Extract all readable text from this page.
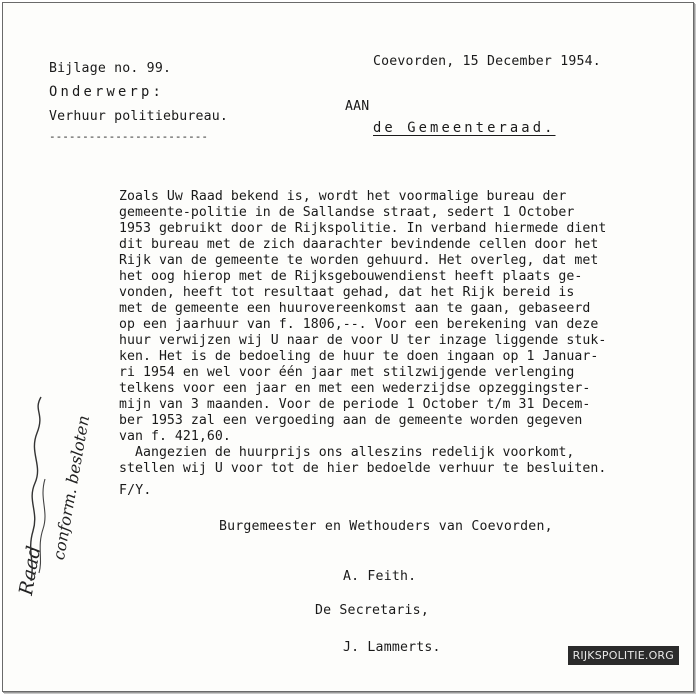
Bijlage no. 99.
Onderwerp:
Verhuur politiebureau.
------------------------
Coevorden, 15 December 1954.
AAN
de Gemeenteraad.
Zoals Uw Raad bekend is, wordt het voormalige bureau der
gemeente-politie in de Sallandse straat, sedert 1 October
1953 gebruikt door de Rijkspolitie. In verband hiermede dient
dit bureau met de zich daarachter bevindende cellen door het
Rijk van de gemeente te worden gehuurd. Het overleg, dat met
het oog hierop met de Rijksgebouwendienst heeft plaats ge-
vonden, heeft tot resultaat gehad, dat het Rijk bereid is
met de gemeente een huurovereenkomst aan te gaan, gebaseerd
op een jaarhuur van f. 1806,--. Voor een berekening van deze
huur verwijzen wij U naar de voor U ter inzage liggende stuk-
ken. Het is de bedoeling de huur te doen ingaan op 1 Januar-
ri 1954 en wel voor één jaar met stilzwijgende verlenging
telkens voor een jaar en met een wederzijdse opzeggingster-
mijn van 3 maanden. Voor de periode 1 October t/m 31 Decem-
ber 1953 zal een vergoeding aan de gemeente worden gegeven
van f. 421,60.
Aangezien de huurprijs ons alleszins redelijk voorkomt,
stellen wij U voor tot de hier bedoelde verhuur te besluiten.
F/Y.
Burgemeester en Wethouders van Coevorden,
A. Feith.
De Secretaris,
J. Lammerts.
Raad
conform. besloten
RIJKSPOLITIE.ORG
